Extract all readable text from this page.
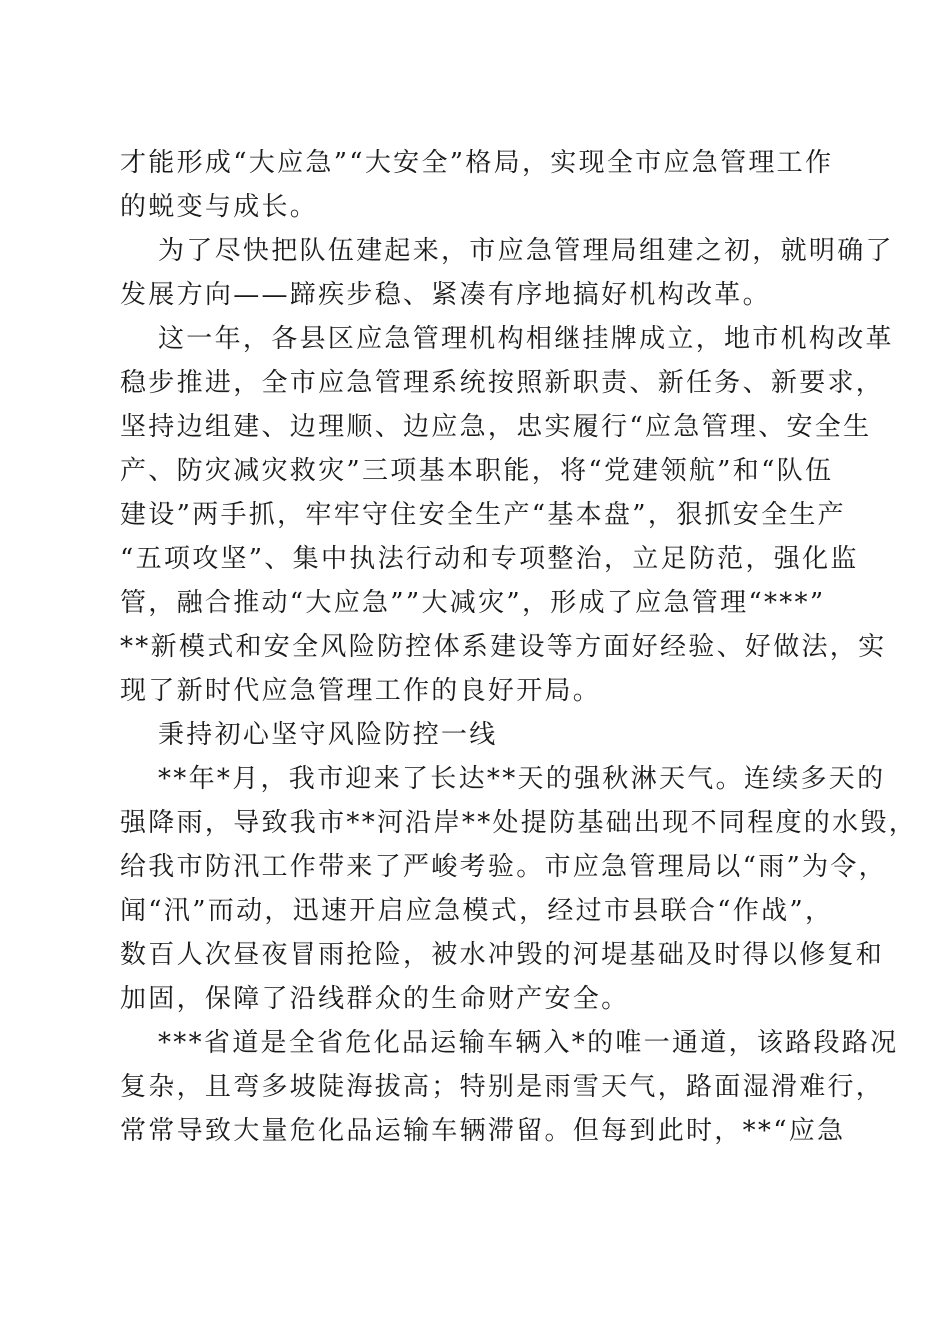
才能形成“大应急”“大安全”格局，实现全市应急管理工作
的蜕变与成长。
为了尽快把队伍建起来，市应急管理局组建之初，就明确了
发展方向——蹄疾步稳、紧凑有序地搞好机构改革。
这一年，各县区应急管理机构相继挂牌成立，地市机构改革
稳步推进，全市应急管理系统按照新职责、新任务、新要求，
坚持边组建、边理顺、边应急，忠实履行“应急管理、安全生
产、防灾减灾救灾”三项基本职能，将“党建领航”和“队伍
建设”两手抓，牢牢守住安全生产“基本盘”，狠抓安全生产
“五项攻坚”、集中执法行动和专项整治，立足防范，强化监
管，融合推动“大应急””大减灾”，形成了应急管理“***”
**新模式和安全风险防控体系建设等方面好经验、好做法，实
现了新时代应急管理工作的良好开局。
秉持初心坚守风险防控一线
**年*月，我市迎来了长达**天的强秋淋天气。连续多天的
强降雨，导致我市**河沿岸**处提防基础出现不同程度的水毁，
给我市防汛工作带来了严峻考验。市应急管理局以“雨”为令，
闻“汛”而动，迅速开启应急模式，经过市县联合“作战”，
数百人次昼夜冒雨抢险，被水冲毁的河堤基础及时得以修复和
加固，保障了沿线群众的生命财产安全。
***省道是全省危化品运输车辆入*的唯一通道，该路段路况
复杂，且弯多坡陡海拔高；特别是雨雪天气，路面湿滑难行，
常常导致大量危化品运输车辆滞留。但每到此时，**“应急
